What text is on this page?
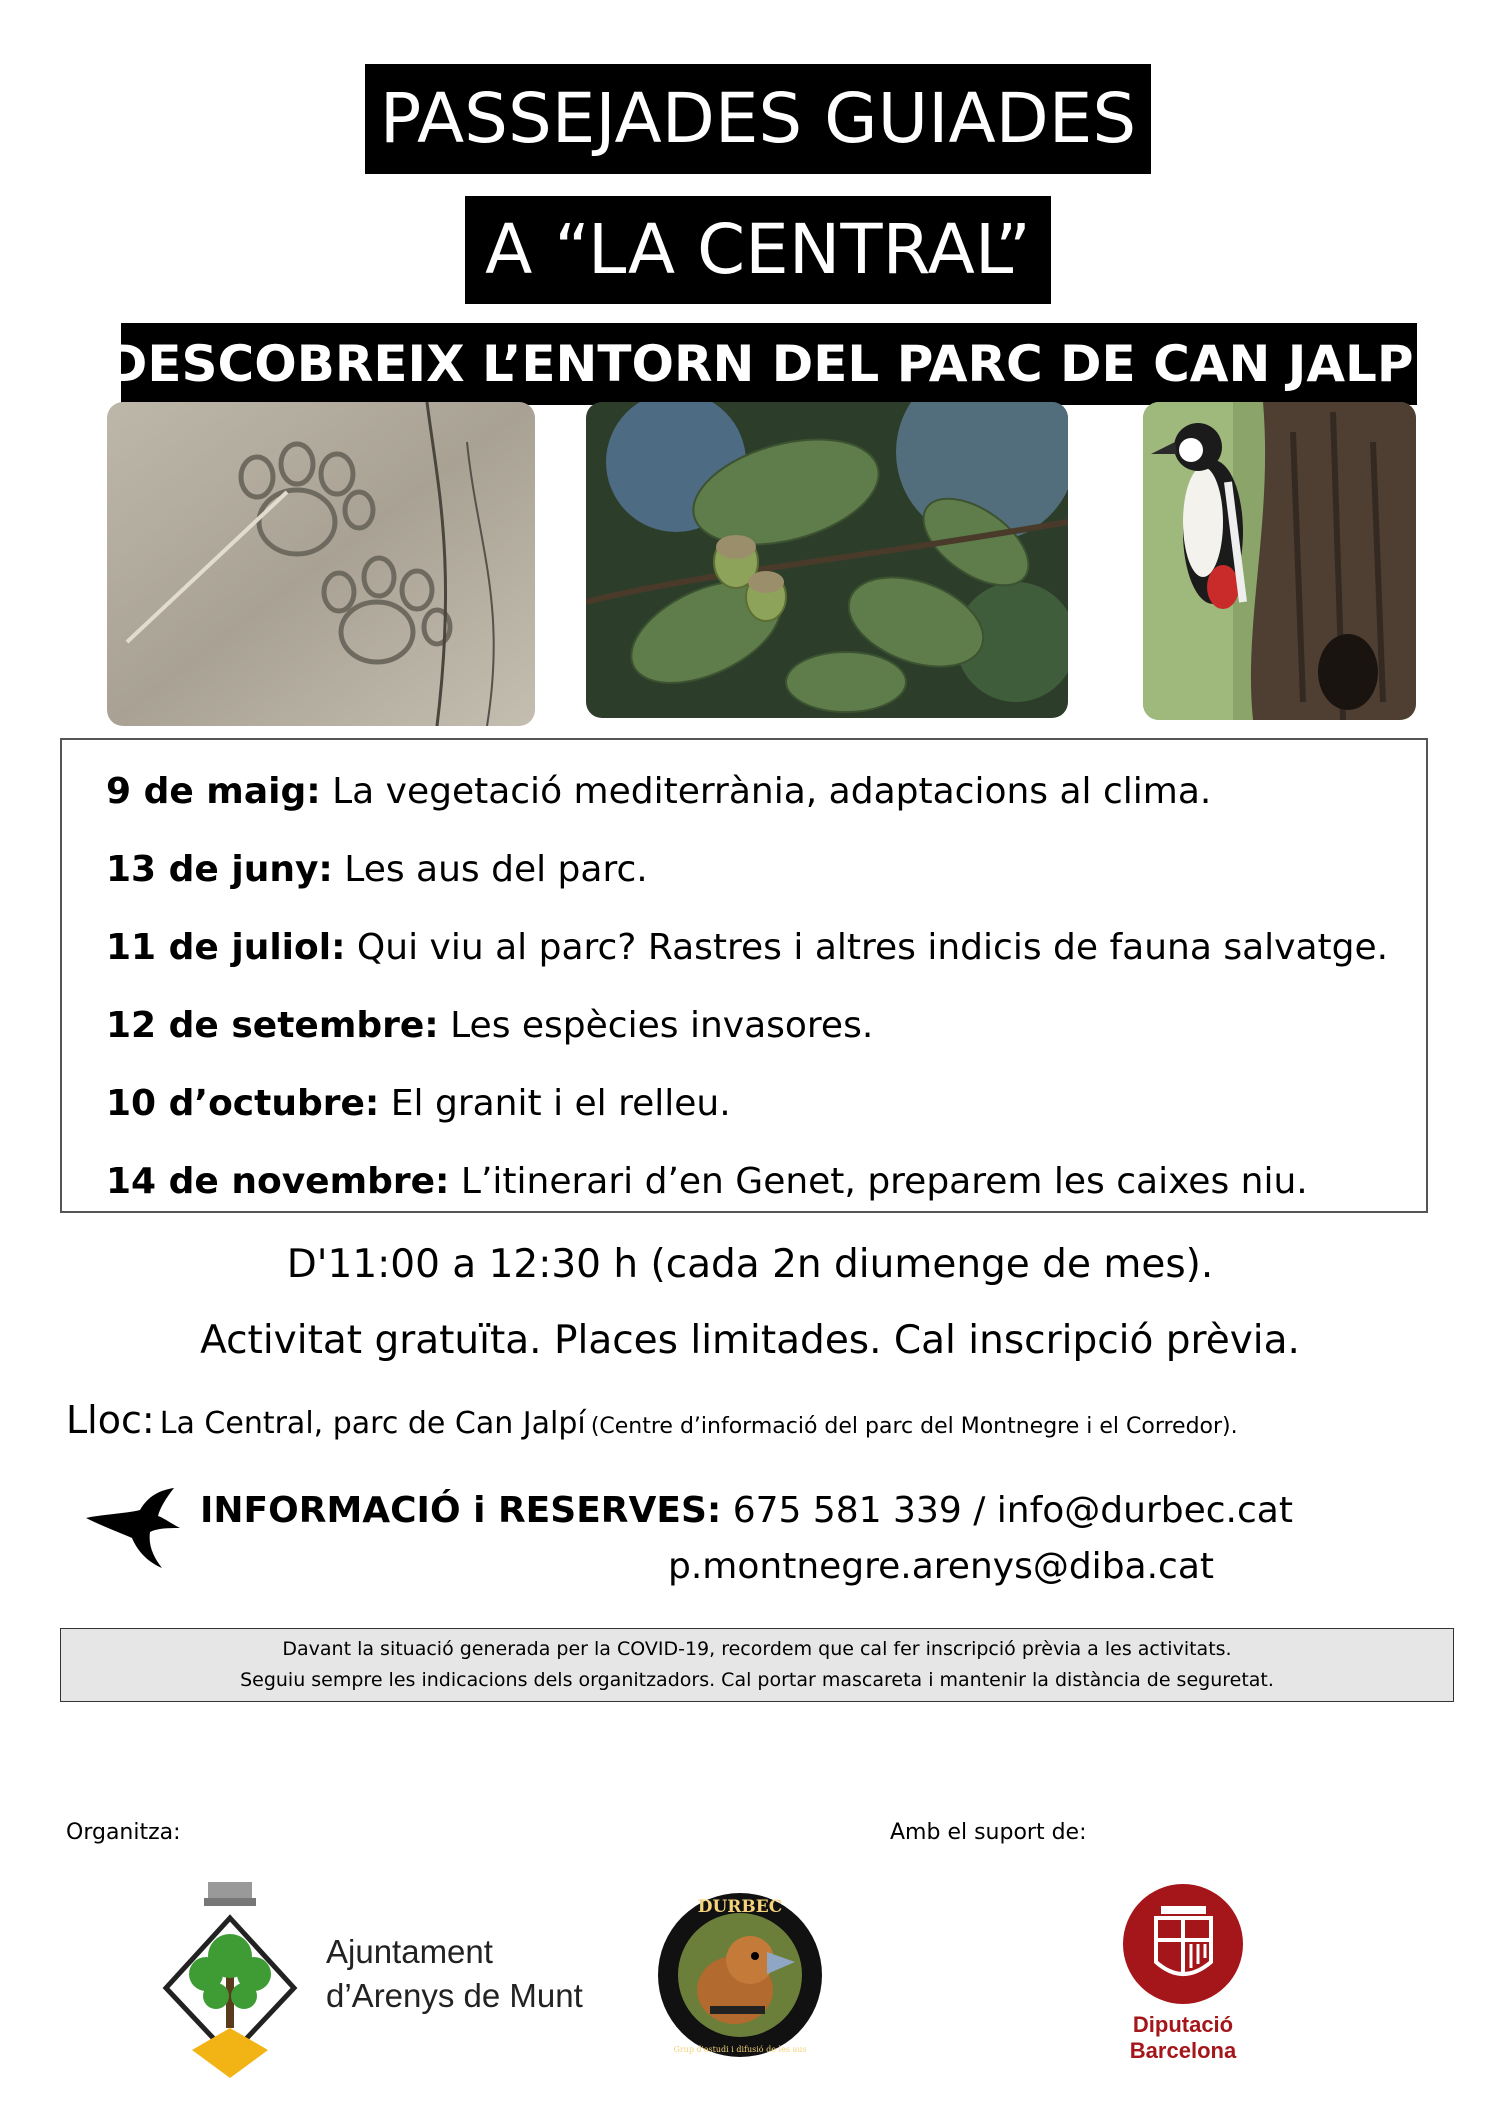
PASSEJADES GUIADES
A “LA CENTRAL”
DESCOBREIX L’ENTORN DEL PARC DE CAN JALPÍ
9 de maig: La vegetació mediterrània, adaptacions al clima.
13 de juny: Les aus del parc.
11 de juliol: Qui viu al parc? Rastres i altres indicis de fauna salvatge.
12 de setembre: Les espècies invasores.
10 d’octubre: El granit i el relleu.
14 de novembre: L’itinerari d’en Genet, preparem les caixes niu.
D'11:00 a 12:30 h (cada 2n diumenge de mes).
Activitat gratuïta. Places limitades. Cal inscripció prèvia.
Lloc: La Central, parc de Can Jalpí (Centre d’informació del parc del Montnegre i el Corredor).
INFORMACIÓ i RESERVES: 675 581 339 / info@durbec.cat
p.montnegre.arenys@diba.cat
Davant la situació generada per la COVID-19, recordem que cal fer inscripció prèvia a les activitats.
Seguiu sempre les indicacions dels organitzadors. Cal portar mascareta i mantenir la distància de seguretat.
Organitza:	Amb el suport de:
Ajuntament
d’Arenys de Munt
DURBEC
Grup d'estudi i difusió de les aus
Diputació
Barcelona
